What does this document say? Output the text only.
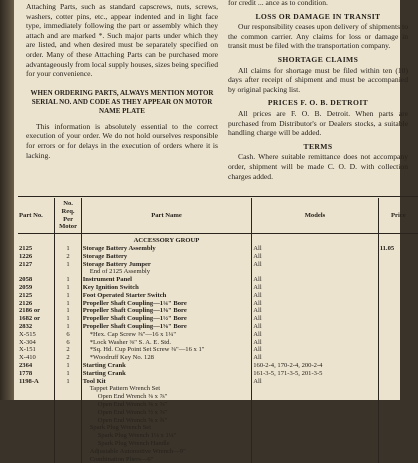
Attaching Parts, such as standard capscrews, nuts, screws, washers, cotter pins, etc., appear indented and in light face type, immediately following the part or assembly which they attach and are marked *. Such major parts under which they are listed, and when desired must be separately specified on order. Many of these Attaching Parts can be purchased more advantageously from local supply houses, sizes being specified for your convenience.

WHEN ORDERING PARTS, ALWAYS MENTION MOTOR SERIAL NO. AND CODE AS THEY APPEAR ON MOTOR NAME PLATE

This information is absolutely essential to the correct execution of your order. We do not hold ourselves responsible for errors or for delays in the execution of orders where it is lacking.

for credit ... ance as to condition.

LOSS OR DAMAGE IN TRANSIT

Our responsibility ceases upon delivery of shipments to the common carrier. Any claims for loss or damage in transit must be filed with the transportation company.

SHORTAGE CLAIMS

All claims for shortage must be filed within ten (10) days after receipt of shipment and must be accompanied by original packing list.

PRICES F. O. B. DETROIT

All prices are F. O. B. Detroit. When parts are purchased from Distributor's or Dealers stocks, a suitable handling charge will be added.

TERMS

Cash. Where suitable remittance does not accompany order, shipment will be made C. O. D. with collection charges added.

Part No.	No. Req. Per Motor	Part Name	Models	Price
		ACCESSORY GROUP		
2125	1	Storage Battery Assembly	All	11.05
1226	2	Storage Battery	All	
2127	1	Storage Battery Jumper	All	
		End of 2125 Assembly		
2058	1	Instrument Panel	All	
2059	1	Key Ignition Switch	All	
2125	1	Foot Operated Starter Switch	All	
2126	1	Propeller Shaft Coupling—1¼" Bore	All	
2186 or	1	Propeller Shaft Coupling—1⅜" Bore	All	
1682 or	1	Propeller Shaft Coupling—1½" Bore	All	
2832	1	Propeller Shaft Coupling—1⅝" Bore	All	
X-515	6	*Hex. Cap Screw ⅜"—16 x 1¼"	All	
X-304	6	*Lock Washer ⅜" S. A. E. Std.	All	
X-151	2	*Sq. Hd. Cup Point Set Screw ⅜"—16 x 1"	All	
X-410	2	*Woodruff Key No. 128	All	
2364	1	Starting Crank	160-2-4, 170-2-4, 200-2-4	
1778	1	Starting Crank	161-3-5, 171-3-5, 201-3-5	
1198-A	1	Tool Kit	All	
		Tappet Pattern Wrench Set		
		Open End Wrench ⅜ x ⅞"		
		Open End Wrench ⅜ x ⅝"		
		Open End Wrench ½ x ⅝"		
		Open End Wrench ⅝ x ¾"		
		Spark Plug Wrench Set		
		Spark Plug Wrench 1⅛ x 1¼"		
		Spark Plug Wrench Handle		
		Adjustable Automotive Wrench—9"		
		Combination Pliers—6"		
